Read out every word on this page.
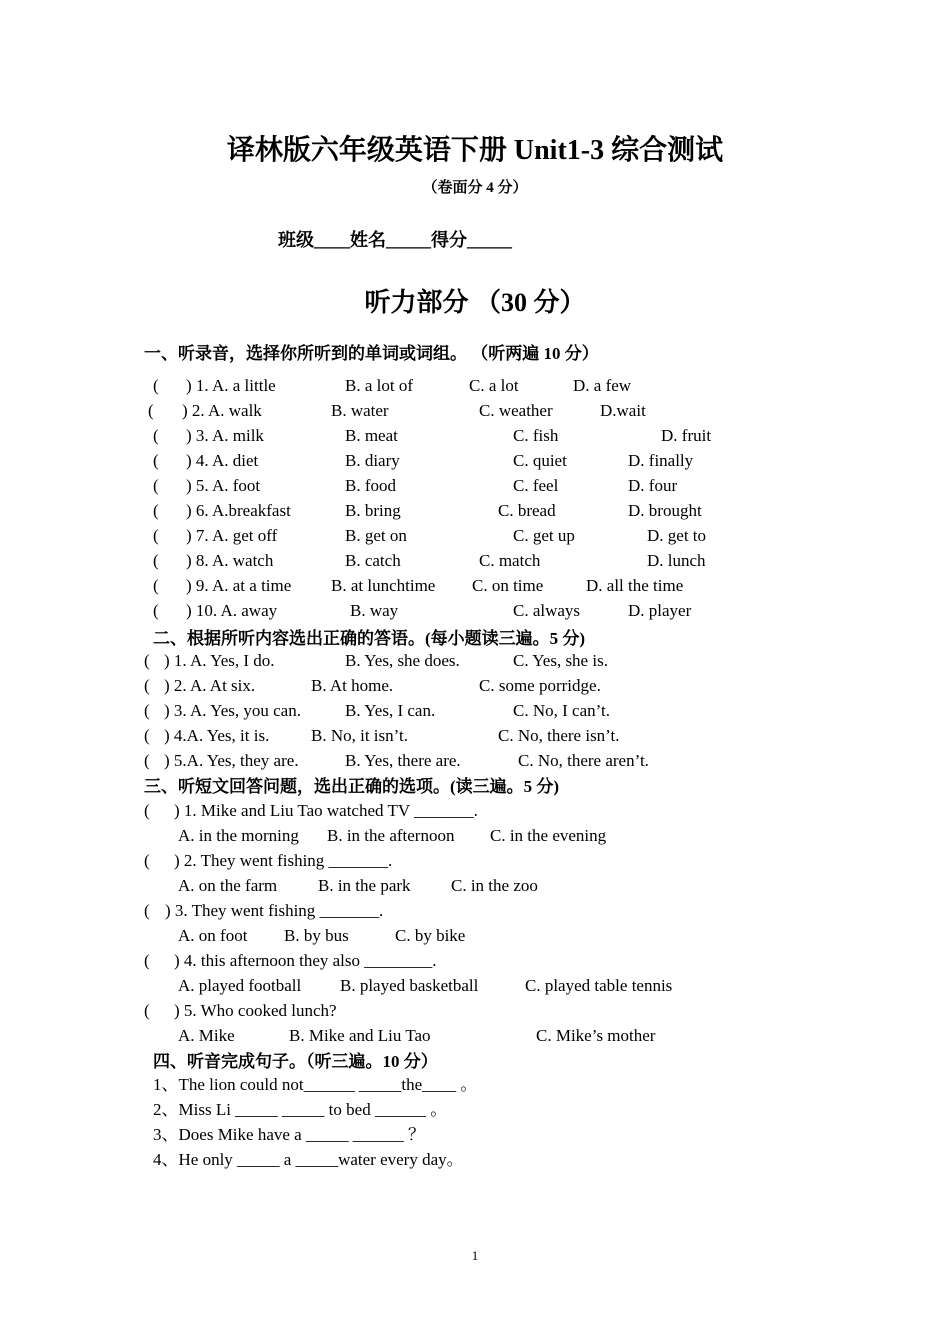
译林版六年级英语下册 Unit1-3 综合测试
（卷面分 4 分）
班级____姓名_____得分_____
听力部分 （30 分）
一、听录音，选择你所听到的单词或词组。 （听两遍 10 分）
( ) 1. A. a little	B. a lot of	C. a lot	D. a few
( ) 2. A. walk	B. water	C. weather	D.wait
( ) 3. A. milk	B. meat	C. fish	D. fruit
( ) 4. A. diet	B. diary	C. quiet	D. finally
( ) 5. A. foot	B. food	C. feel	D. four
( ) 6. A.breakfast	B. bring	C. bread	D. brought
( ) 7. A. get off	B. get on	C. get up	D. get to
( ) 8. A. watch	B. catch	C. match	D. lunch
( ) 9. A. at a time B. at lunchtime C. on time	D. all the time
( ) 10. A. away	B. way	C. always	D. player
二、根据所听内容选出正确的答语。(每小题读三遍。5 分)
( ) 1. A. Yes, I do.	B. Yes, she does.	C. Yes, she is.
( ) 2. A. At six.	B. At home.	C. some porridge.
( ) 3. A. Yes, you can.	B. Yes, I can.	C. No, I can’t.
( ) 4.A. Yes, it is. B. No, it isn’t.	C. No, there isn’t.
( ) 5.A. Yes, they are.	B. Yes, there are.	C. No, there aren’t.
三、听短文回答问题，选出正确的选项。(读三遍。5 分)
( ) 1. Mike and Liu Tao watched TV _______.
A. in the morning B. in the afternoon C. in the evening
( ) 2. They went fishing _______.
A. on the farm B. in the park C. in the zoo
( ) 3. They went fishing _______.
A. on foot B. by bus	C. by bike
( ) 4. this afternoon they also ________.
A. played football B. played basketball	C. played table tennis
( ) 5. Who cooked lunch?
A. Mike	B. Mike and Liu Tao	C. Mike’s mother
四、听音完成句子。（听三遍。10 分）
1、The lion could not______ _____the____ 。
2、Miss Li _____ _____ to bed ______ 。
3、Does Mike have a _____ ______ ？
4、He only _____ a _____water every day。
1
